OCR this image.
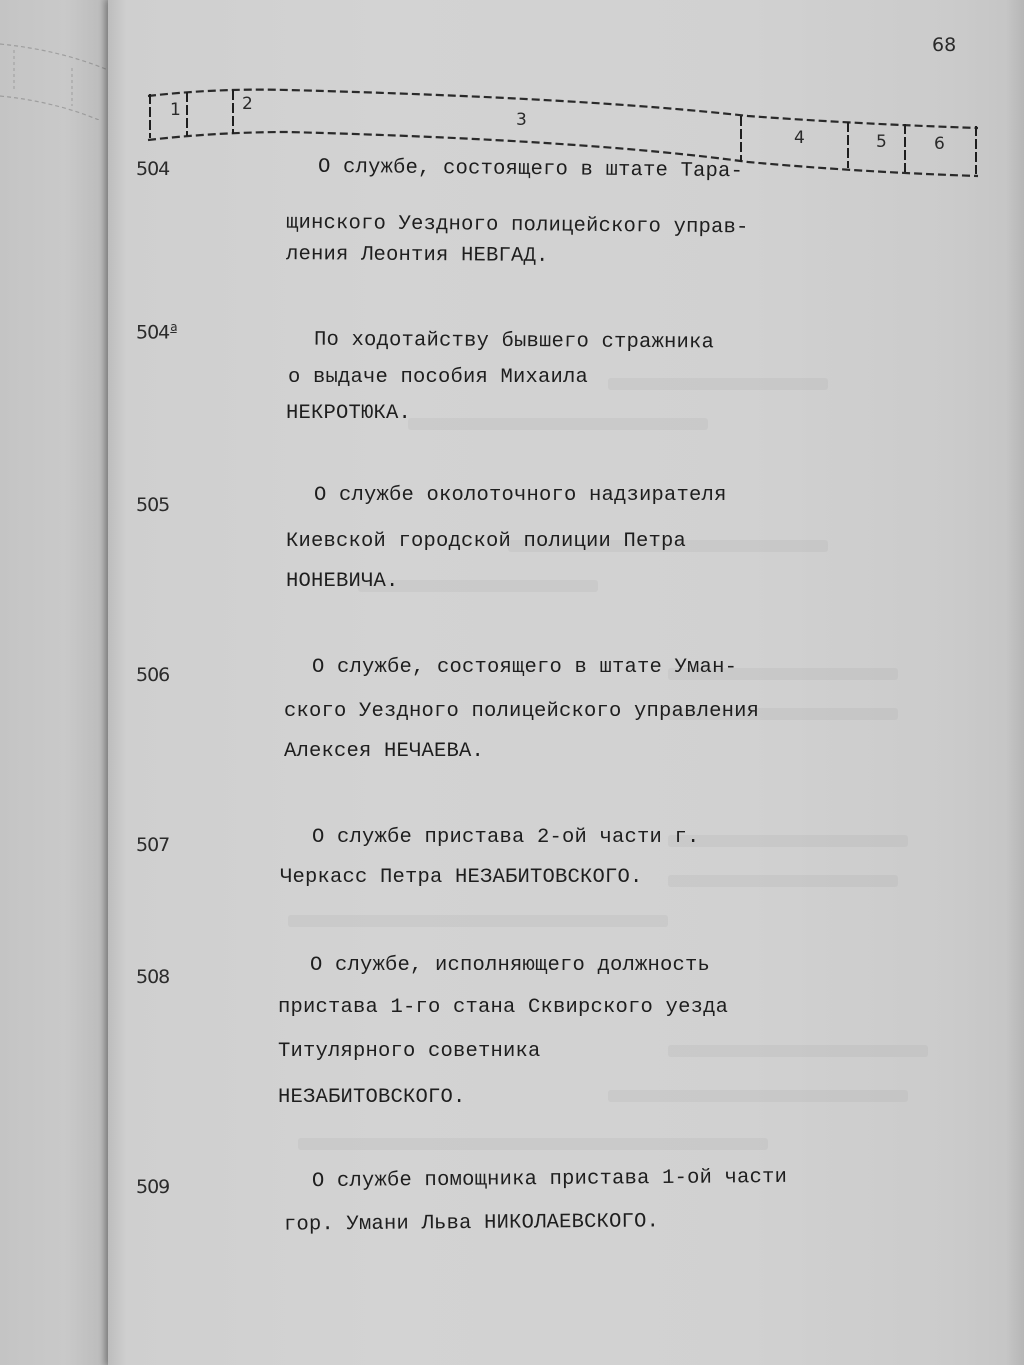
68
1	2
3
4	5	6
504	О службе, состоящего в штате Тара-
щинского Уездного полицейского управ-
ления Леонтия НЕВГАД.
$504^а$
По ходотайству бывшего стражника
о выдаче пособия Михаила
НЕКРОТЮКА.
505	О службе околоточного надзирателя
Киевской городской полиции Петра
НОНЕВИЧА.
506	О службе, состоящего в штате Уман-
ского Уездного полицейского управления
Алексея НЕЧАЕВА.
507	О службе пристава 2-ой части г.
Черкасс Петра НЕЗАБИТОВСКОГО.
508	О службе, исполняющего должность
пристава 1-го стана Сквирского уезда
Титулярного советника
НЕЗАБИТОВСКОГО.
509	О службе помощника пристава 1-ой части
гор. Умани Льва НИКОЛАЕВСКОГО.
